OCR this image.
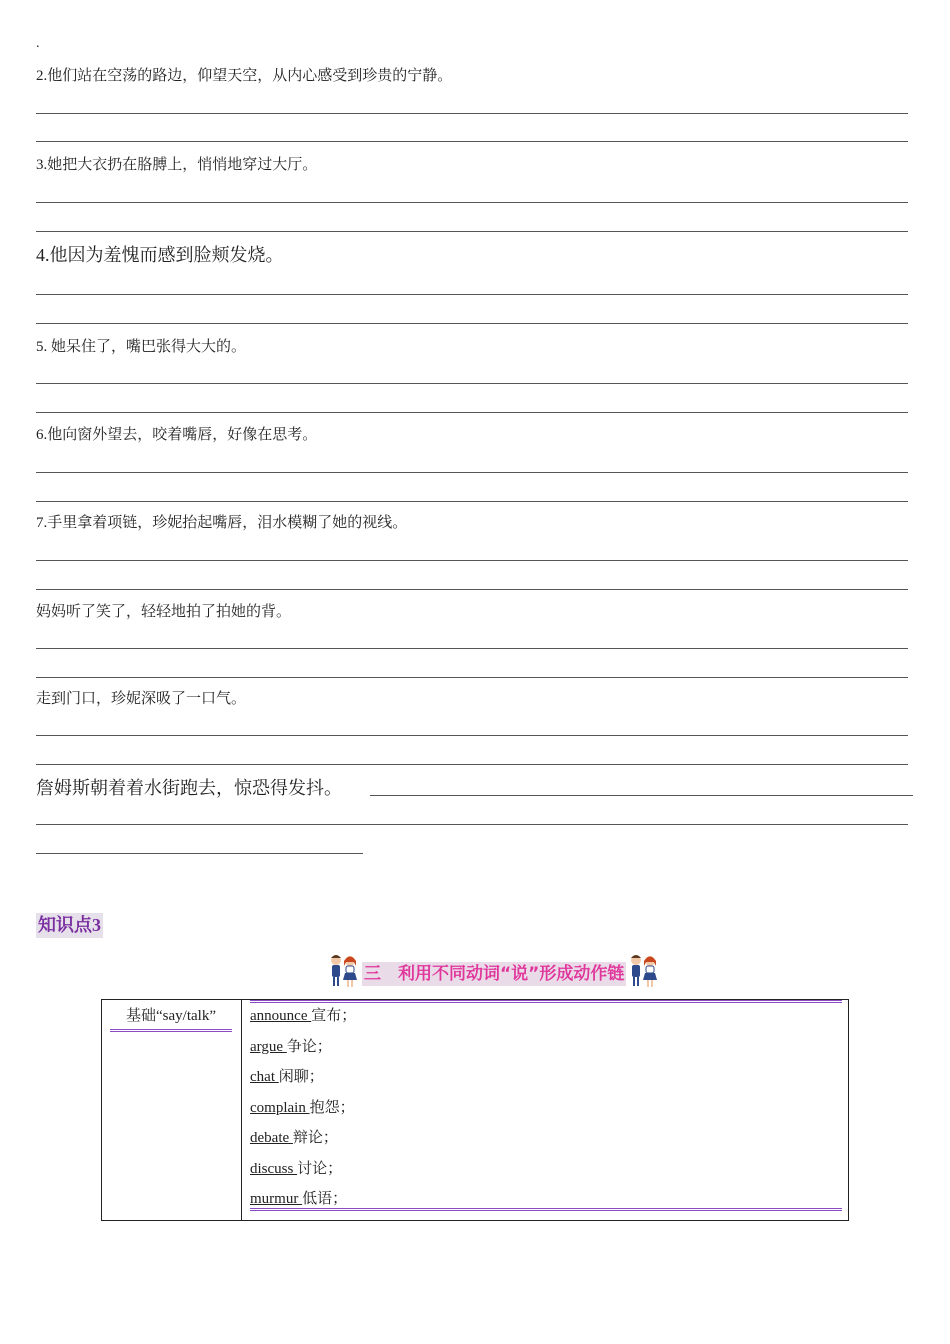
.
2.他们站在空荡的路边，仰望天空，从内心感受到珍贵的宁静。
3.她把大衣扔在胳膊上，悄悄地穿过大厅。
4.他因为羞愧而感到脸颊发烧。
5. 她呆住了，嘴巴张得大大的。
6.他向窗外望去，咬着嘴唇，好像在思考。
7.手里拿着项链，珍妮抬起嘴唇，泪水模糊了她的视线。
妈妈听了笑了，轻轻地拍了拍她的背。
走到门口，珍妮深吸了一口气。
詹姆斯朝着着水街跑去，惊恐得发抖。
知识点3
三　利用不同动词“说”形成动作链
基础“say/talk”	announce 宣布；
argue 争论；
chat 闲聊；
complain 抱怨；
debate 辩论；
discuss 讨论；
murmur 低语；
